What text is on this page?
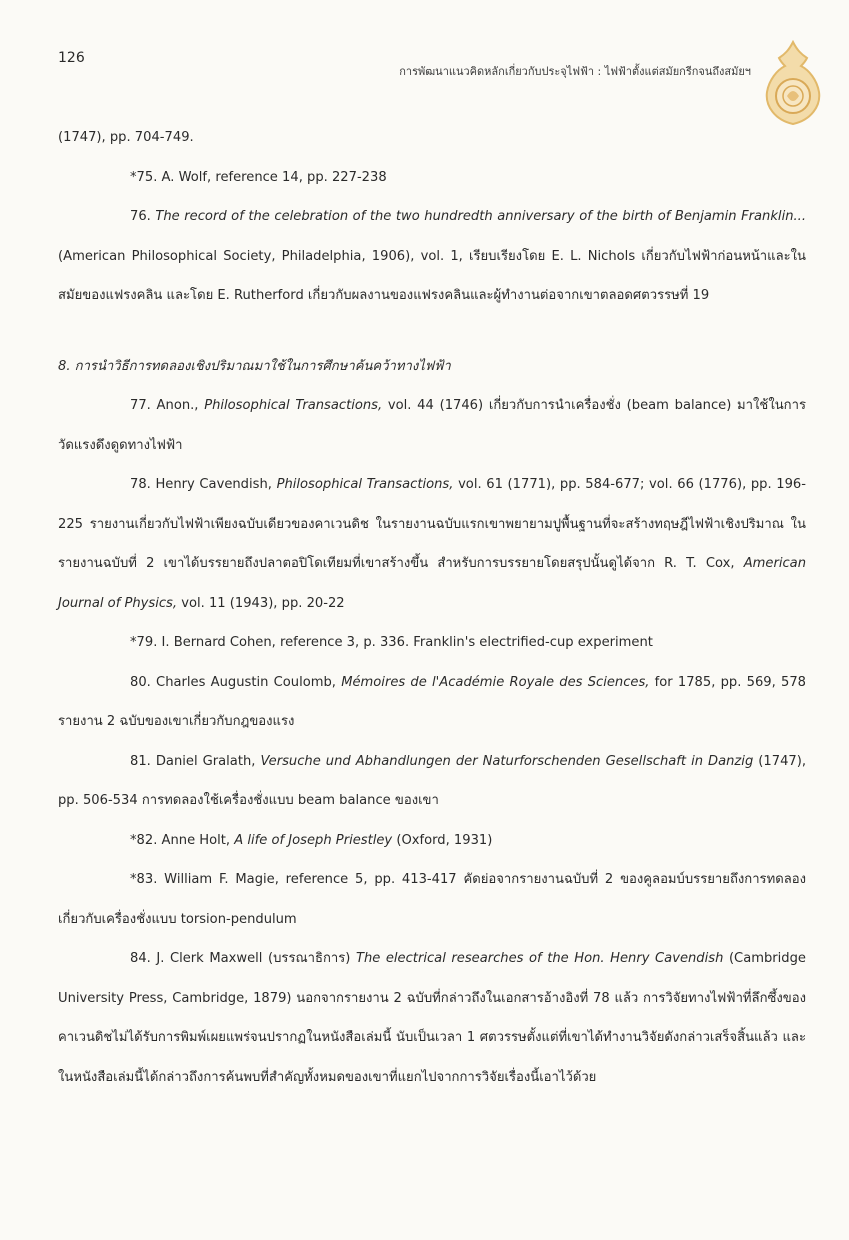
126
การพัฒนาแนวคิดหลักเกี่ยวกับประจุไฟฟ้า : ไฟฟ้าตั้งแต่สมัยกรีกจนถึงสมัยฯ

(1747), pp. 704-749.

*75. A. Wolf, reference 14, pp. 227-238

76. The record of the celebration of the two hundredth anniversary of the birth of Benjamin Franklin... (American Philosophical Society, Philadelphia, 1906), vol. 1, เรียบเรียงโดย E. L. Nichols เกี่ยวกับไฟฟ้าก่อนหน้าและในสมัยของแฟรงคลิน และโดย E. Rutherford เกี่ยวกับผลงานของแฟรงคลินและผู้ทำงานต่อจากเขาตลอดศตวรรษที่ 19

8. การนำวิธีการทดลองเชิงปริมาณมาใช้ในการศึกษาค้นคว้าทางไฟฟ้า

77. Anon., Philosophical Transactions, vol. 44 (1746) เกี่ยวกับการนำเครื่องชั่ง (beam balance) มาใช้ในการวัดแรงดึงดูดทางไฟฟ้า

78. Henry Cavendish, Philosophical Transactions, vol. 61 (1771), pp. 584-677; vol. 66 (1776), pp. 196-225 รายงานเกี่ยวกับไฟฟ้าเพียงฉบับเดียวของคาเวนดิช ในรายงานฉบับแรกเขาพยายามปูพื้นฐานที่จะสร้างทฤษฎีไฟฟ้าเชิงปริมาณ ในรายงานฉบับที่ 2 เขาได้บรรยายถึงปลาตอปิโดเทียมที่เขาสร้างขึ้น สำหรับการบรรยายโดยสรุปนั้นดูได้จาก R. T. Cox, American Journal of Physics, vol. 11 (1943), pp. 20-22

*79. I. Bernard Cohen, reference 3, p. 336. Franklin's electrified-cup experiment

80. Charles Augustin Coulomb, Mémoires de l'Académie Royale des Sciences, for 1785, pp. 569, 578 รายงาน 2 ฉบับของเขาเกี่ยวกับกฎของแรง

81. Daniel Gralath, Versuche und Abhandlungen der Naturforschenden Gesellschaft in Danzig (1747), pp. 506-534 การทดลองใช้เครื่องชั่งแบบ beam balance ของเขา

*82. Anne Holt, A life of Joseph Priestley (Oxford, 1931)

*83. William F. Magie, reference 5, pp. 413-417 คัดย่อจากรายงานฉบับที่ 2 ของคูลอมบ์บรรยายถึงการทดลองเกี่ยวกับเครื่องชั่งแบบ torsion-pendulum

84. J. Clerk Maxwell (บรรณาธิการ) The electrical researches of the Hon. Henry Cavendish (Cambridge University Press, Cambridge, 1879) นอกจากรายงาน 2 ฉบับที่กล่าวถึงในเอกสารอ้างอิงที่ 78 แล้ว การวิจัยทางไฟฟ้าที่ลึกซึ้งของคาเวนดิชไม่ได้รับการพิมพ์เผยแพร่จนปรากฏในหนังสือเล่มนี้ นับเป็นเวลา 1 ศตวรรษตั้งแต่ที่เขาได้ทำงานวิจัยดังกล่าวเสร็จสิ้นแล้ว และในหนังสือเล่มนี้ได้กล่าวถึงการค้นพบที่สำคัญทั้งหมดของเขาที่แยกไปจากการวิจัยเรื่องนี้เอาไว้ด้วย
